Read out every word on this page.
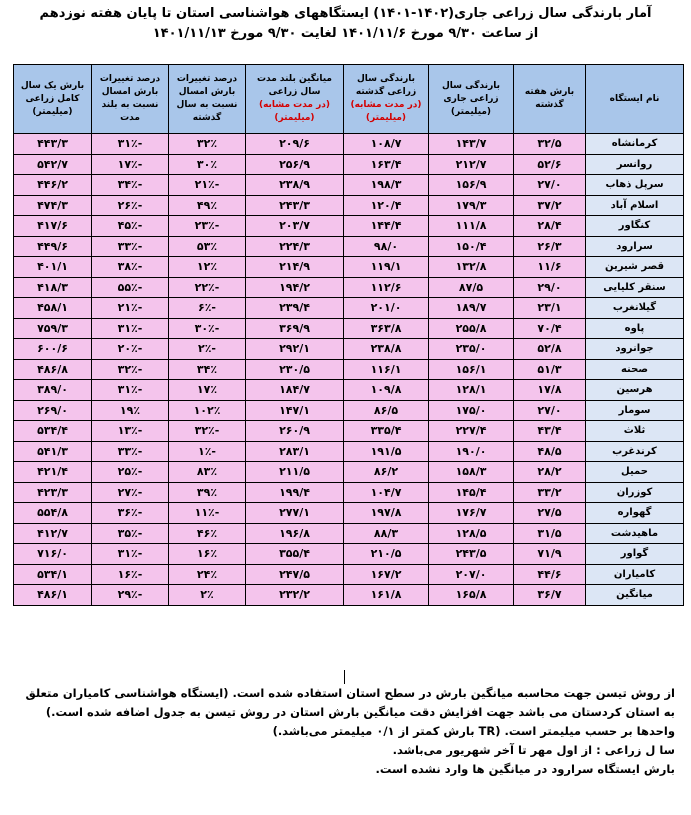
آمار بارندگی سال زراعی جاری(۱۴۰۲-۱۴۰۱) ایستگاههای هواشناسی استان تا پایان هفته نوزدهم
از ساعت ۹/۳۰ مورخ ۱۴۰۱/۱۱/۶ لغایت ۹/۳۰ مورخ ۱۴۰۱/۱۱/۱۳
نام ایستگاه	بارش هفته گذشته	بارندگی سال زراعی جاری (میلیمتر)	بارندگی سال زراعی گذشته
(در مدت مشابه) (میلیمتر)	میانگین بلند مدت سال زراعی
(در مدت مشابه) (میلیمتر)	درصد تغییرات بارش امسال نسبت به سال گذشته	درصد تغییرات بارش امسال نسبت به بلند مدت	بارش یک سال کامل زراعی (میلیمتر)
کرمانشاه	۳۲/۵	۱۴۳/۷	۱۰۸/۷	۲۰۹/۶	۳۲٪	-۳۱٪	۴۴۳/۳
روانسر	۵۲/۶	۲۱۲/۷	۱۶۳/۴	۲۵۶/۹	۳۰٪	-۱۷٪	۵۴۲/۷
سرپل ذهاب	۲۷/۰	۱۵۶/۹	۱۹۸/۳	۲۳۸/۹	-۲۱٪	-۳۴٪	۴۴۶/۲
اسلام آباد	۳۷/۲	۱۷۹/۳	۱۲۰/۴	۲۴۳/۳	۴۹٪	-۲۶٪	۴۷۴/۳
کنگاور	۲۸/۴	۱۱۱/۸	۱۴۴/۴	۲۰۳/۷	-۲۳٪	-۴۵٪	۴۱۷/۶
سرارود	۲۶/۳	۱۵۰/۴	۹۸/۰	۲۲۴/۳	۵۳٪	-۳۳٪	۴۴۹/۶
قصر شیرین	۱۱/۶	۱۳۲/۸	۱۱۹/۱	۲۱۴/۹	۱۲٪	-۳۸٪	۴۰۱/۱
سنقر کلیایی	۲۹/۰	۸۷/۵	۱۱۲/۶	۱۹۴/۲	-۲۲٪	-۵۵٪	۴۱۸/۳
گیلانغرب	۲۳/۱	۱۸۹/۷	۲۰۱/۰	۲۳۹/۴	-۶٪	-۲۱٪	۴۵۸/۱
پاوه	۷۰/۴	۲۵۵/۸	۳۶۳/۸	۳۶۹/۹	-۳۰٪	-۳۱٪	۷۵۹/۳
جوانرود	۵۲/۸	۲۳۵/۰	۲۳۸/۸	۲۹۲/۱	-۲٪	-۲۰٪	۶۰۰/۶
صحنه	۵۱/۳	۱۵۶/۱	۱۱۶/۱	۲۳۰/۵	۳۴٪	-۳۲٪	۴۸۶/۸
هرسین	۱۷/۸	۱۲۸/۱	۱۰۹/۸	۱۸۴/۷	۱۷٪	-۳۱٪	۳۸۹/۰
سومار	۲۷/۰	۱۷۵/۰	۸۶/۵	۱۴۷/۱	۱۰۲٪	۱۹٪	۲۶۹/۰
ثلاث	۴۳/۴	۲۲۷/۴	۳۳۵/۴	۲۶۰/۹	-۳۲٪	-۱۳٪	۵۳۴/۴
کرندغرب	۴۸/۵	۱۹۰/۰	۱۹۱/۵	۲۸۳/۱	-۱٪	-۳۳٪	۵۴۱/۳
حمیل	۲۸/۲	۱۵۸/۳	۸۶/۲	۲۱۱/۵	۸۳٪	-۲۵٪	۴۲۱/۴
کوزران	۳۳/۲	۱۴۵/۴	۱۰۴/۷	۱۹۹/۴	۳۹٪	-۲۷٪	۴۲۳/۳
گهواره	۲۷/۵	۱۷۶/۷	۱۹۷/۸	۲۷۷/۱	-۱۱٪	-۳۶٪	۵۵۴/۸
ماهیدشت	۳۱/۵	۱۲۸/۵	۸۸/۳	۱۹۶/۸	۴۶٪	-۳۵٪	۴۱۲/۷
گواور	۷۱/۹	۲۴۳/۵	۲۱۰/۵	۳۵۵/۴	۱۶٪	-۳۱٪	۷۱۶/۰
کامیاران	۴۴/۶	۲۰۷/۰	۱۶۷/۲	۲۴۷/۵	۲۴٪	-۱۶٪	۵۳۴/۱
میانگین	۳۶/۷	۱۶۵/۸	۱۶۱/۸	۲۳۲/۲	۲٪	-۲۹٪	۴۸۶/۱

از روش تیسن جهت محاسبه میانگین بارش در سطح استان استفاده شده است. (ایستگاه هواشناسی کامیاران متعلق

به استان کردستان می باشد جهت افزایش دقت میانگین بارش استان در روش تیسن به جدول اضافه شده است.)

واحدها بر حسب میلیمتر است. (TR بارش کمتر از ۰/۱ میلیمتر می‌باشد.)

سا ل زراعی : از اول مهر تا آخر شهریور می‌باشد.

بارش ایستگاه سرارود در میانگین ها وارد نشده است.
